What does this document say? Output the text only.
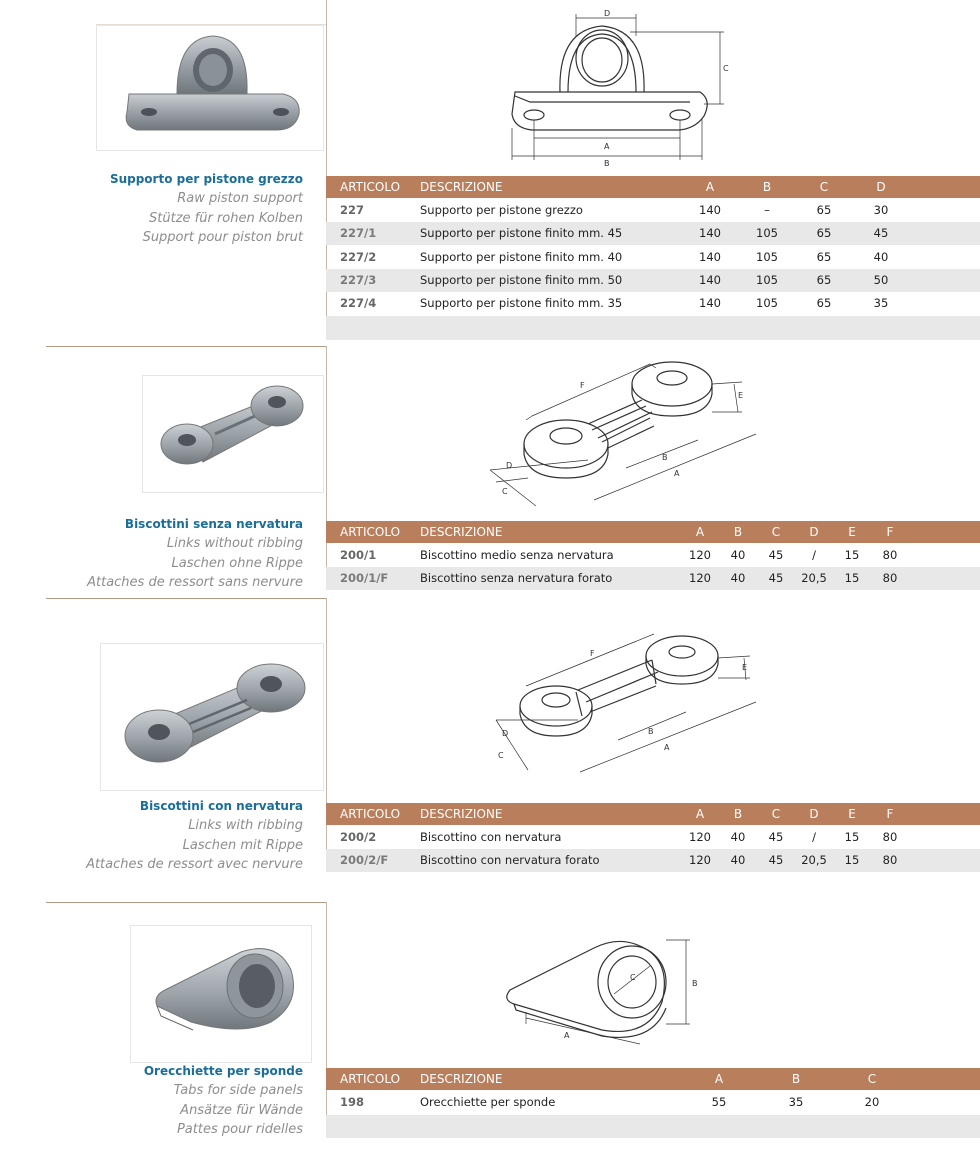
Supporto per pistone grezzo
Raw piston support
Stütze für rohen Kolben
Support pour piston brut
D
C
A
B
ARTICOLO DESCRIZIONE	A	B	C	D
227	Supporto per pistone grezzo	140	–	65	30
227/1	Supporto per pistone finito mm. 45	140	105	65	45
227/2	Supporto per pistone finito mm. 40	140	105	65	40
227/3	Supporto per pistone finito mm. 50	140	105	65	50
227/4	Supporto per pistone finito mm. 35	140	105	65	35
Biscottini senza nervatura
Links without ribbing
Laschen ohne Rippe
Attaches de ressort sans nervure
F
E
D
B
A
C
ARTICOLO DESCRIZIONE	A B C D E	F
200/1	Biscottino medio senza nervatura	120 40 45 / 15 80
200/1/F	Biscottino senza nervatura forato	120 40 45 20,5 15 80
Biscottini con nervatura
Links with ribbing
Laschen mit Rippe
Attaches de ressort avec nervure
F
E
D	B
A
C
ARTICOLO DESCRIZIONE	A B C D E	F
200/2	Biscottino con nervatura	120 40 45 / 15 80
200/2/F	Biscottino con nervatura forato	120 40 45 20,5 15 80
Orecchiette per sponde
Tabs for side panels
Ansätze für Wände
Pattes pour ridelles
C
B
A
ARTICOLO DESCRIZIONE	A	B	C
198	Orecchiette per sponde	55	35	20
